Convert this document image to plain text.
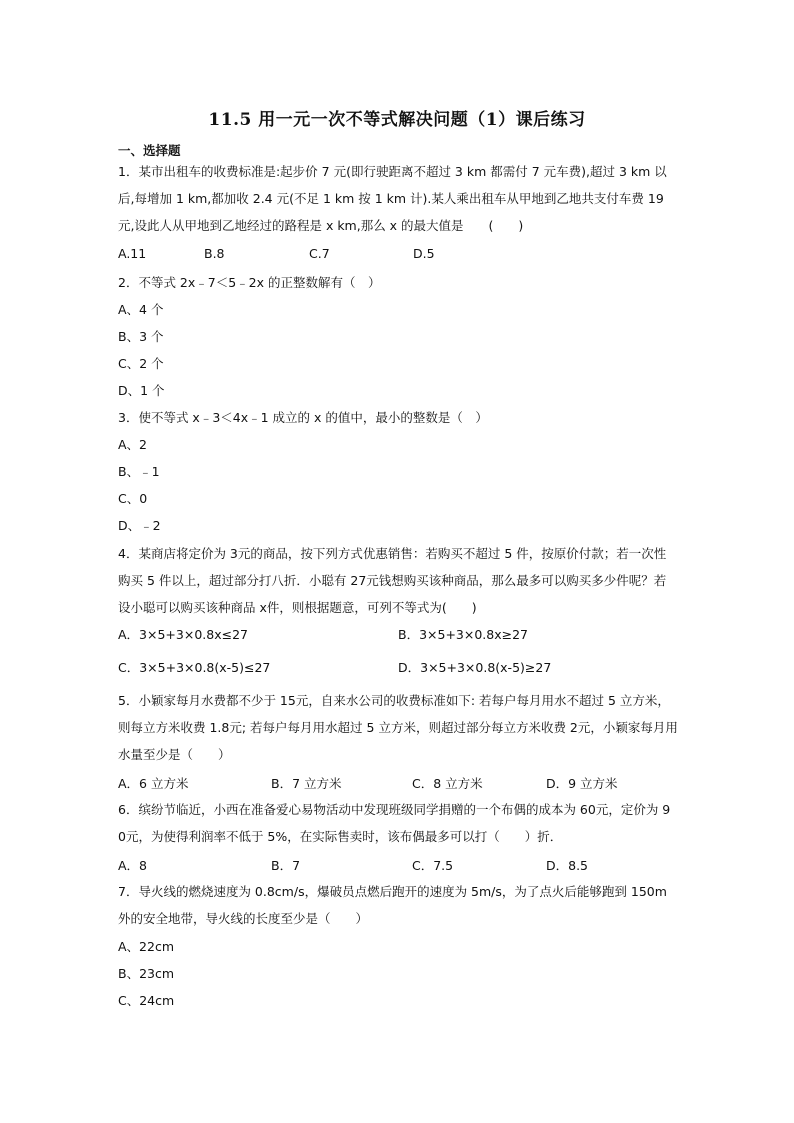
11.5 用一元一次不等式解决问题（1）课后练习
一、选择题
1．某市出租车的收费标准是:起步价 7 元(即行驶距离不超过 3 km 都需付 7 元车费),超过 3 km 以后,每增加 1 km,都加收 2.4 元(不足 1 km 按 1 km 计).某人乘出租车从甲地到乙地共支付车费 19 元,设此人从甲地到乙地经过的路程是 x km,那么 x 的最大值是　　(　　)
A.11	B.8	C.7	D.5
2．不等式 2x﹣7＜5﹣2x 的正整数解有（　）
A、4 个
B、3 个
C、2 个
D、1 个
3．使不等式 x﹣3＜4x﹣1 成立的 x 的值中，最小的整数是（　）
A、2
B、﹣1
C、0
D、﹣2
4．某商店将定价为 3元的商品，按下列方式优惠销售：若购买不超过 5 件，按原价付款；若一次性购买 5 件以上，超过部分打八折．小聪有 27元钱想购买该种商品，那么最多可以购买多少件呢？若设小聪可以购买该种商品 x件，则根据题意，可列不等式为(　　)
A．3×5+3×0.8x≤27	B．3×5+3×0.8x≥27
C．3×5+3×0.8(x-5)≤27	D．3×5+3×0.8(x-5)≥27
5．小颖家每月水费都不少于 15元，自来水公司的收费标准如下: 若每户每月用水不超过 5 立方米，则每立方米收费 1.8元; 若每户每月用水超过 5 立方米，则超过部分每立方米收费 2元，小颖家每月用水量至少是（　　）
A．6 立方米	B．7 立方米	C．8 立方米	D．9 立方米
6．缤纷节临近，小西在准备爱心易物活动中发现班级同学捐赠的一个布偶的成本为 60元，定价为 90元，为使得利润率不低于 5%，在实际售卖时，该布偶最多可以打（　　）折．
A．8	B．7	C．7.5	D．8.5
7．导火线的燃烧速度为 0.8cm/s，爆破员点燃后跑开的速度为 5m/s，为了点火后能够跑到 150m 外的安全地带，导火线的长度至少是（　　）
A、22cm
B、23cm
C、24cm
